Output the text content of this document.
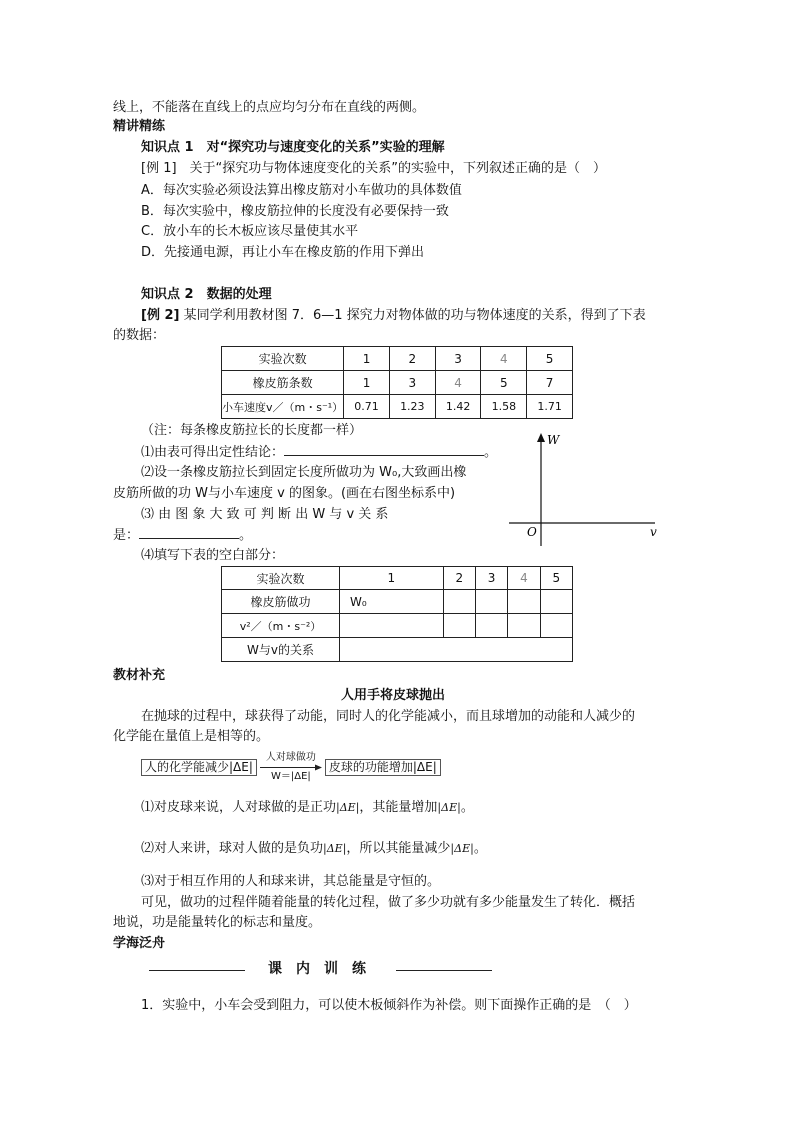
线上，不能落在直线上的点应均匀分布在直线的两侧。
精讲精练
知识点 1　对“探究功与速度变化的关系”实验的理解
[例 1]　关于“探究功与物体速度变化的关系”的实验中，下列叙述正确的是（　）
A．每次实验必须设法算出橡皮筋对小车做功的具体数值
B．每次实验中，橡皮筋拉伸的长度没有必要保持一致
C．放小车的长木板应该尽量使其水平
D．先接通电源，再让小车在橡皮筋的作用下弹出
知识点 2　数据的处理
[例 2] 某同学利用教材图 7．6—1 探究力对物体做的功与物体速度的关系，得到了下表
的数据：
实验次数	1	2	3	4	5
橡皮筋条数	1	3	4	5	7
小车速度v／（m・s⁻¹）	0.71	1.23	1.42	1.58	1.71
（注：每条橡皮筋拉长的长度都一样）
⑴由表可得出定性结论：	。
⑵设一条橡皮筋拉长到固定长度所做功为 W₀,大致画出橡
皮筋所做的功 W与小车速度 v 的图象。(画在右图坐标系中)
⑶ 由 图 象 大 致 可 判 断 出 W 与 v 关 系
是：	。
⑷填写下表的空白部分：
W
O	v
实验次数	1	2	3	4	5
橡皮筋做功	W₀				
v²／（m・s⁻²）					
W与v的关系					
教材补充
人用手将皮球抛出
在抛球的过程中，球获得了动能，同时人的化学能减小，而且球增加的动能和人减少的
化学能在量值上是相等的。
人的化学能减少|ΔE|
人对球做功
W＝|ΔE|
皮球的功能增加|ΔE|
⑴对皮球来说，人对球做的是正功|ΔE|，其能量增加|ΔE|。
⑵对人来讲，球对人做的是负功|ΔE|，所以其能量减少|ΔE|。
⑶对于相互作用的人和球来讲，其总能量是守恒的。
可见，做功的过程伴随着能量的转化过程，做了多少功就有多少能量发生了转化．概括
地说，功是能量转化的标志和量度。
学海泛舟
课　内　训　练
1．实验中，小车会受到阻力，可以使木板倾斜作为补偿。则下面操作正确的是　（　）
